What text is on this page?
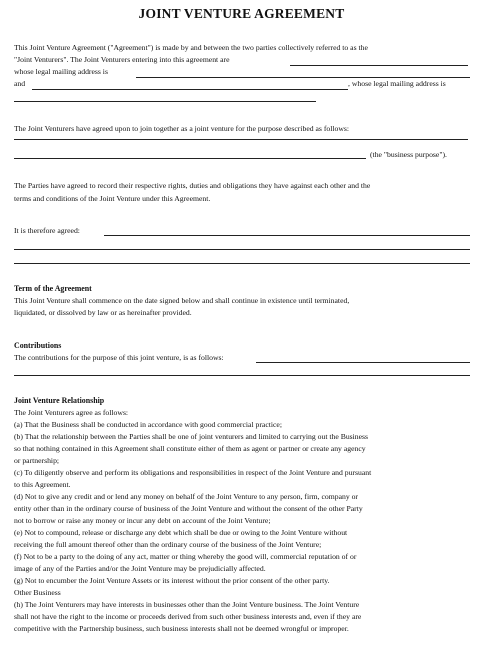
JOINT VENTURE AGREEMENT
This Joint Venture Agreement ("Agreement") is made by and between the two parties collectively referred to as the
"Joint Venturers". The Joint Venturers entering into this agreement are
whose legal mailing address is
and	, whose legal mailing address is
The Joint Venturers have agreed upon to join together as a joint venture for the purpose described as follows:
(the "business purpose").
The Parties have agreed to record their respective rights, duties and obligations they have against each other and the
terms and conditions of the Joint Venture under this Agreement.
It is therefore agreed:
Term of the Agreement
This Joint Venture shall commence on the date signed below and shall continue in existence until terminated,
liquidated, or dissolved by law or as hereinafter provided.
Contributions
The contributions for the purpose of this joint venture, is as follows:
Joint Venture Relationship
The Joint Venturers agree as follows:
(a) That the Business shall be conducted in accordance with good commercial practice;
(b) That the relationship between the Parties shall be one of joint venturers and limited to carrying out the Business
so that nothing contained in this Agreement shall constitute either of them as agent or partner or create any agency
or partnership;
(c) To diligently observe and perform its obligations and responsibilities in respect of the Joint Venture and pursuant
to this Agreement.
(d) Not to give any credit and or lend any money on behalf of the Joint Venture to any person, firm, company or
entity other than in the ordinary course of business of the Joint Venture and without the consent of the other Party
not to borrow or raise any money or incur any debt on account of the Joint Venture;
(e) Not to compound, release or discharge any debt which shall be due or owing to the Joint Venture without
receiving the full amount thereof other than the ordinary course of the business of the Joint Venture;
(f) Not to be a party to the doing of any act, matter or thing whereby the good will, commercial reputation of or
image of any of the Parties and/or the Joint Venture may be prejudicially affected.
(g) Not to encumber the Joint Venture Assets or its interest without the prior consent of the other party.
Other Business
(h) The Joint Venturers may have interests in businesses other than the Joint Venture business. The Joint Venture
shall not have the right to the income or proceeds derived from such other business interests and, even if they are
competitive with the Partnership business, such business interests shall not be deemed wrongful or improper.
